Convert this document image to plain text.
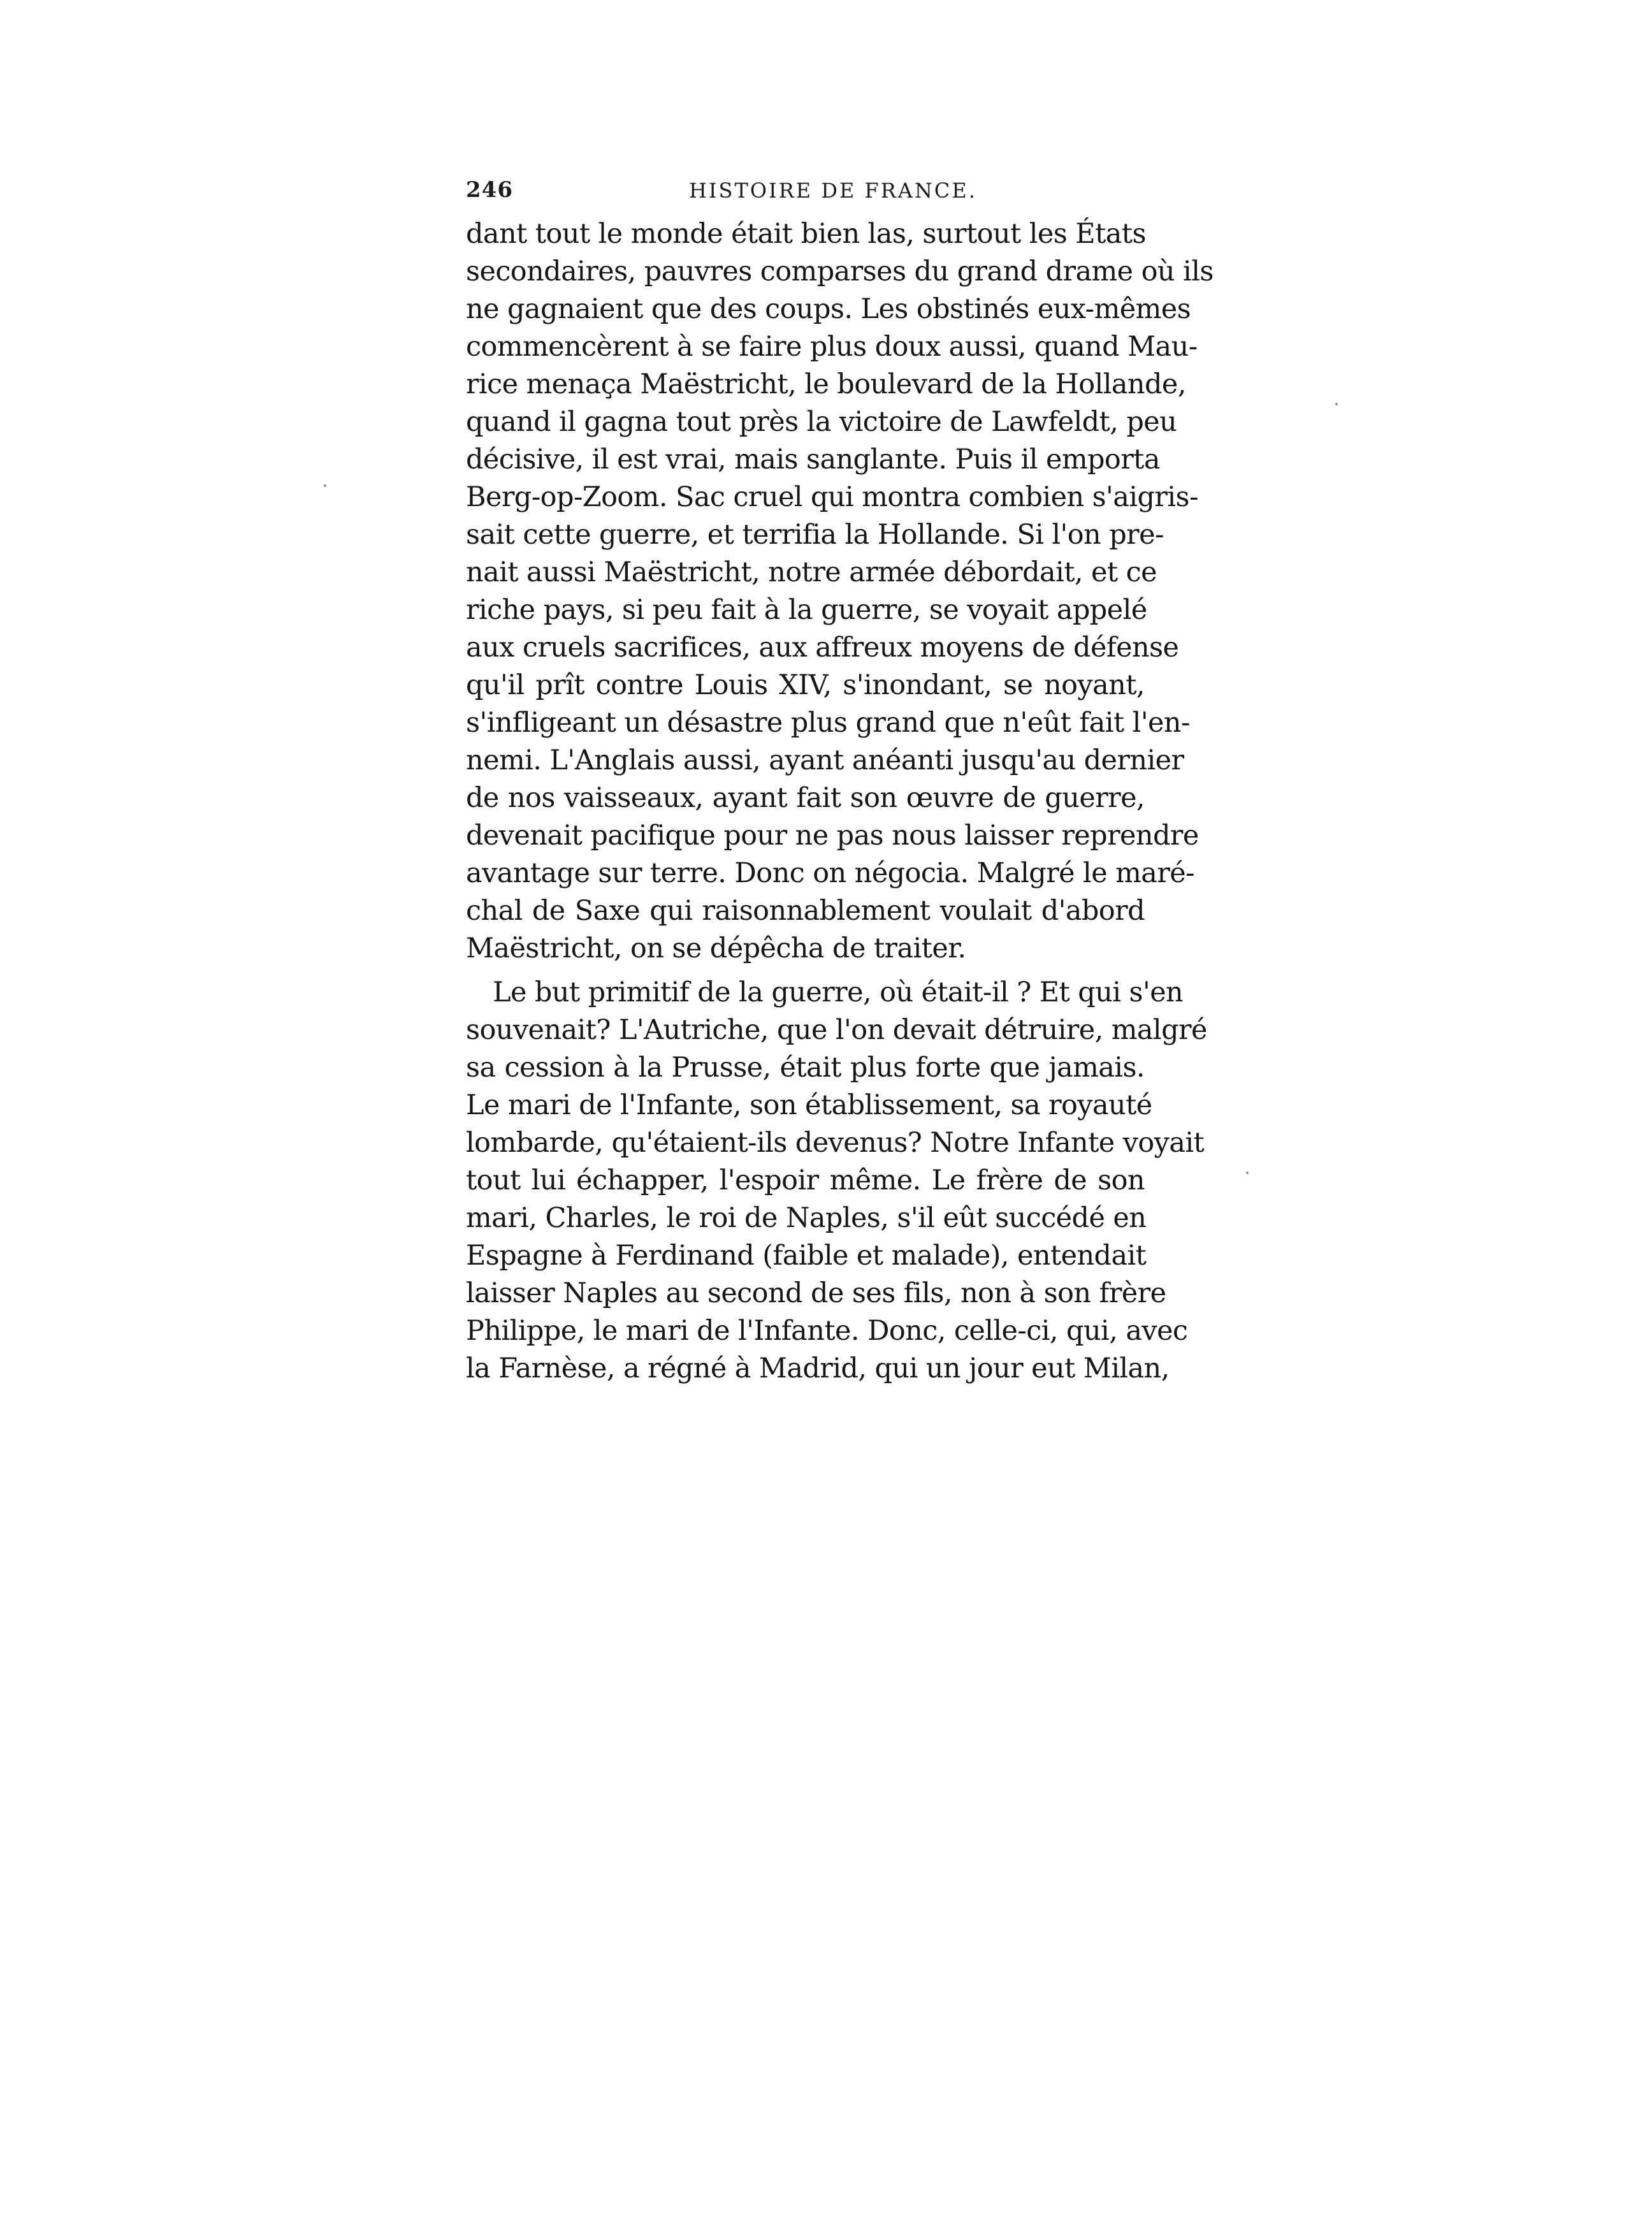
246	HISTOIRE DE FRANCE.
dant tout le monde était bien las, surtout les États
secondaires, pauvres comparses du grand drame où ils
ne gagnaient que des coups. Les obstinés eux-mêmes
commencèrent à se faire plus doux aussi, quand Mau-
rice menaça Maëstricht, le boulevard de la Hollande,
quand il gagna tout près la victoire de Lawfeldt, peu
décisive, il est vrai, mais sanglante. Puis il emporta
Berg-op-Zoom. Sac cruel qui montra combien s'aigris-
sait cette guerre, et terrifia la Hollande. Si l'on pre-
nait aussi Maëstricht, notre armée débordait, et ce
riche pays, si peu fait à la guerre, se voyait appelé
aux cruels sacrifices, aux affreux moyens de défense
qu'il prît contre Louis XIV, s'inondant, se noyant,
s'infligeant un désastre plus grand que n'eût fait l'en-
nemi. L'Anglais aussi, ayant anéanti jusqu'au dernier
de nos vaisseaux, ayant fait son œuvre de guerre,
devenait pacifique pour ne pas nous laisser reprendre
avantage sur terre. Donc on négocia. Malgré le maré-
chal de Saxe qui raisonnablement voulait d'abord
Maëstricht, on se dépêcha de traiter.
Le but primitif de la guerre, où était-il ? Et qui s'en
souvenait? L'Autriche, que l'on devait détruire, malgré
sa cession à la Prusse, était plus forte que jamais.
Le mari de l'Infante, son établissement, sa royauté
lombarde, qu'étaient-ils devenus? Notre Infante voyait
tout lui échapper, l'espoir même. Le frère de son
mari, Charles, le roi de Naples, s'il eût succédé en
Espagne à Ferdinand (faible et malade), entendait
laisser Naples au second de ses fils, non à son frère
Philippe, le mari de l'Infante. Donc, celle-ci, qui, avec
la Farnèse, a régné à Madrid, qui un jour eut Milan,
